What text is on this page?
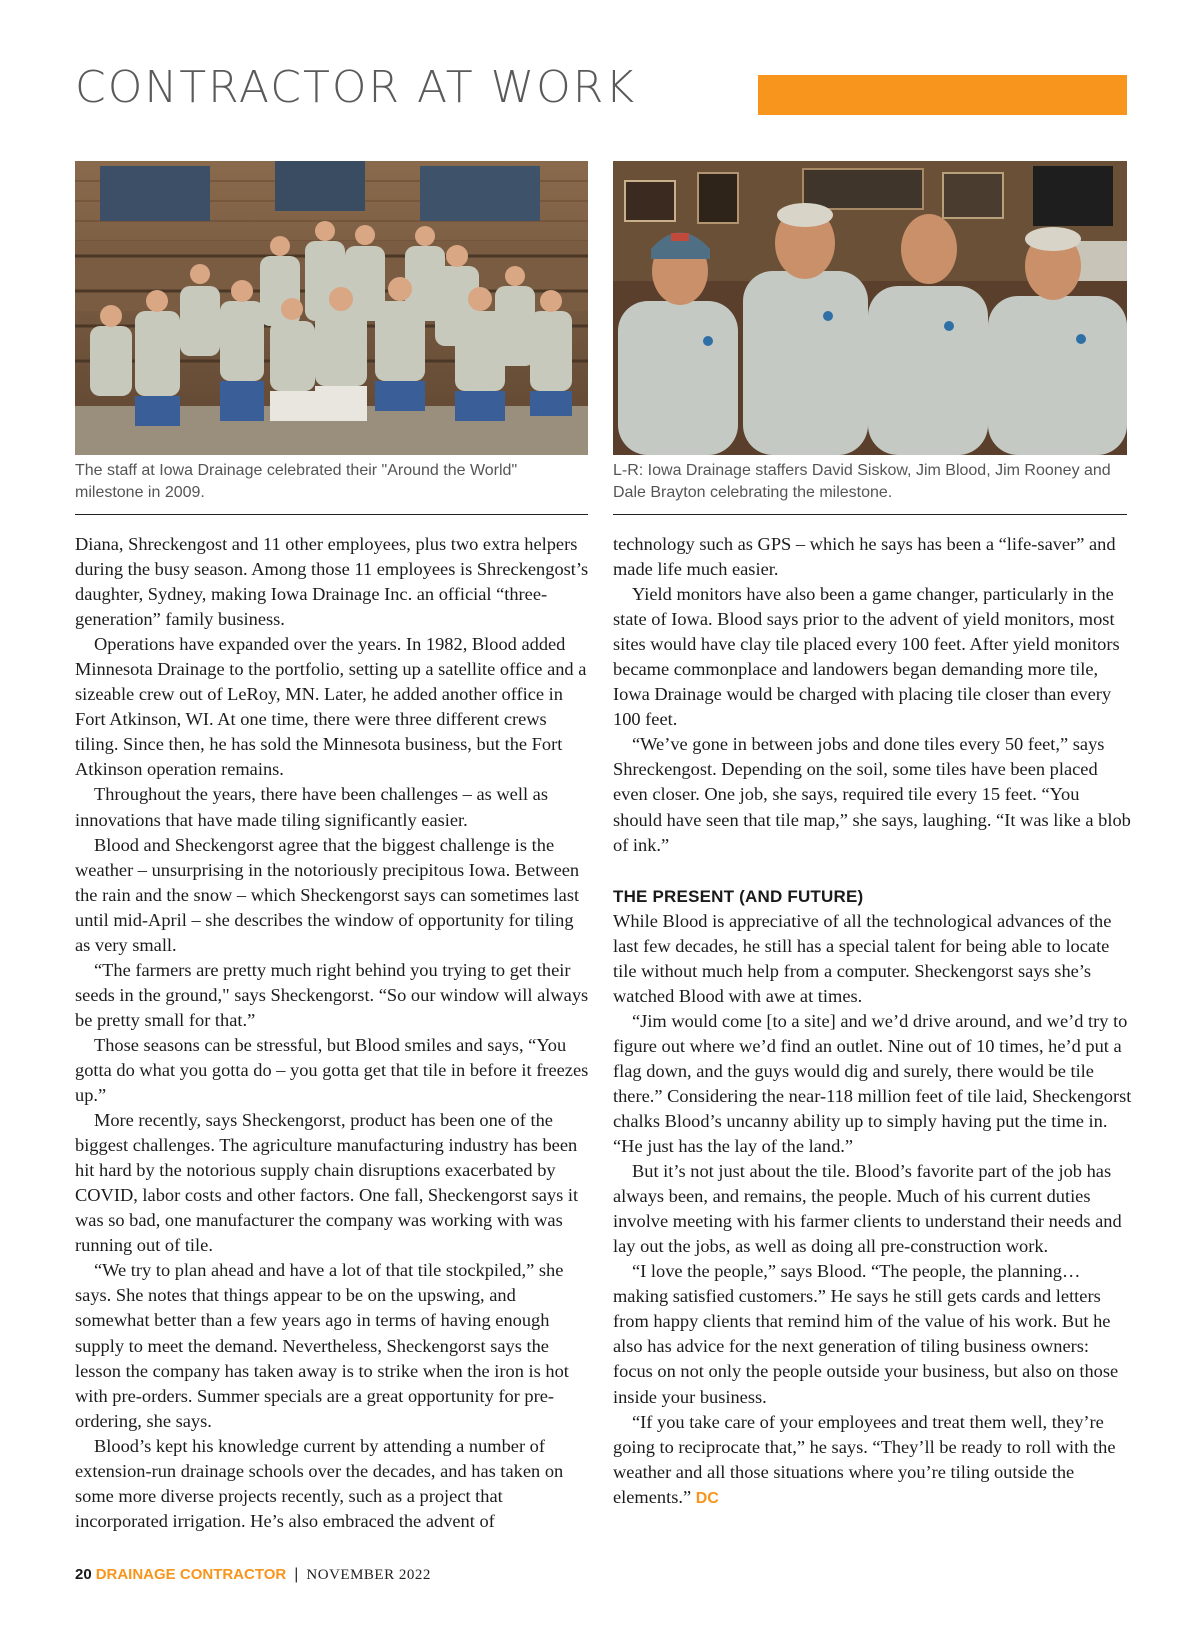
CONTRACTOR AT WORK

The staff at Iowa Drainage celebrated their "Around the World" milestone in 2009.

L-R: Iowa Drainage staffers David Siskow, Jim Blood, Jim Rooney and Dale Brayton celebrating the milestone.

Diana, Shreckengost and 11 other employees, plus two extra helpers during the busy season. Among those 11 employees is Shreckengost’s daughter, Sydney, making Iowa Drainage Inc. an official “three-generation” family business.

Operations have expanded over the years. In 1982, Blood added Minnesota Drainage to the portfolio, setting up a satellite office and a sizeable crew out of LeRoy, MN. Later, he added another office in Fort Atkinson, WI. At one time, there were three different crews tiling. Since then, he has sold the Minnesota business, but the Fort Atkinson operation remains.

Throughout the years, there have been challenges – as well as innovations that have made tiling significantly easier.

Blood and Sheckengorst agree that the biggest challenge is the weather – unsurprising in the notoriously precipitous Iowa. Between the rain and the snow – which Sheckengorst says can sometimes last until mid-April – she describes the window of opportunity for tiling as very small.

“The farmers are pretty much right behind you trying to get their seeds in the ground," says Sheckengorst. “So our window will always be pretty small for that.”

Those seasons can be stressful, but Blood smiles and says, “You gotta do what you gotta do – you gotta get that tile in before it freezes up.”

More recently, says Sheckengorst, product has been one of the biggest challenges. The agriculture manufacturing industry has been hit hard by the notorious supply chain disruptions exacerbated by COVID, labor costs and other factors. One fall, Sheckengorst says it was so bad, one manufacturer the company was working with was running out of tile.

“We try to plan ahead and have a lot of that tile stockpiled,” she says. She notes that things appear to be on the upswing, and somewhat better than a few years ago in terms of having enough supply to meet the demand. Nevertheless, Sheckengorst says the lesson the company has taken away is to strike when the iron is hot with pre-orders. Summer specials are a great opportunity for pre-ordering, she says.

Blood’s kept his knowledge current by attending a number of extension-run drainage schools over the decades, and has taken on some more diverse projects recently, such as a project that incorporated irrigation. He’s also embraced the advent of

technology such as GPS – which he says has been a “life-saver” and made life much easier.

Yield monitors have also been a game changer, particularly in the state of Iowa. Blood says prior to the advent of yield monitors, most sites would have clay tile placed every 100 feet. After yield monitors became commonplace and landowers began demanding more tile, Iowa Drainage would be charged with placing tile closer than every 100 feet.

“We’ve gone in between jobs and done tiles every 50 feet,” says Shreckengost. Depending on the soil, some tiles have been placed even closer. One job, she says, required tile every 15 feet. “You should have seen that tile map,” she says, laughing. “It was like a blob of ink.”

THE PRESENT (AND FUTURE)

While Blood is appreciative of all the technological advances of the last few decades, he still has a special talent for being able to locate tile without much help from a computer. Sheckengorst says she’s watched Blood with awe at times.

“Jim would come [to a site] and we’d drive around, and we’d try to figure out where we’d find an outlet. Nine out of 10 times, he’d put a flag down, and the guys would dig and surely, there would be tile there.” Considering the near-118 million feet of tile laid, Sheckengorst chalks Blood’s uncanny ability up to simply having put the time in. “He just has the lay of the land.”

But it’s not just about the tile. Blood’s favorite part of the job has always been, and remains, the people. Much of his current duties involve meeting with his farmer clients to understand their needs and lay out the jobs, as well as doing all pre-construction work.

“I love the people,” says Blood. “The people, the planning… making satisfied customers.” He says he still gets cards and letters from happy clients that remind him of the value of his work. But he also has advice for the next generation of tiling business owners: focus on not only the people outside your business, but also on those inside your business.

“If you take care of your employees and treat them well, they’re going to reciprocate that,” he says. “They’ll be ready to roll with the weather and all those situations where you’re tiling outside the elements.” DC

20 DRAINAGE CONTRACTOR | NOVEMBER 2022
